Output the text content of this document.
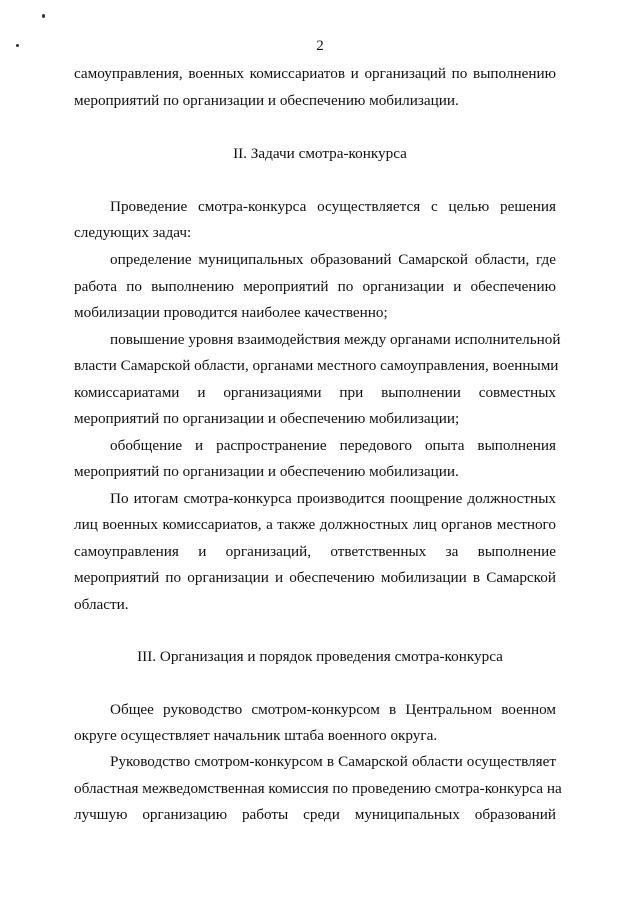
2
самоуправления, военных комиссариатов и организаций по выполнению
мероприятий по организации и обеспечению мобилизации.
II. Задачи смотра-конкурса
Проведение смотра-конкурса осуществляется с целью решения
следующих задач:
определение муниципальных образований Самарской области, где
работа по выполнению мероприятий по организации и обеспечению
мобилизации проводится наиболее качественно;
повышение уровня взаимодействия между органами исполнительной
власти Самарской области, органами местного самоуправления, военными
комиссариатами и организациями при выполнении совместных
мероприятий по организации и обеспечению мобилизации;
обобщение и распространение передового опыта выполнения
мероприятий по организации и обеспечению мобилизации.
По итогам смотра-конкурса производится поощрение должностных
лиц военных комиссариатов, а также должностных лиц органов местного
самоуправления и организаций, ответственных за выполнение
мероприятий по организации и обеспечению мобилизации в Самарской
области.
III. Организация и порядок проведения смотра-конкурса
Общее руководство смотром-конкурсом в Центральном военном
округе осуществляет начальник штаба военного округа.
Руководство смотром-конкурсом в Самарской области осуществляет
областная межведомственная комиссия по проведению смотра-конкурса на
лучшую организацию работы среди муниципальных образований
